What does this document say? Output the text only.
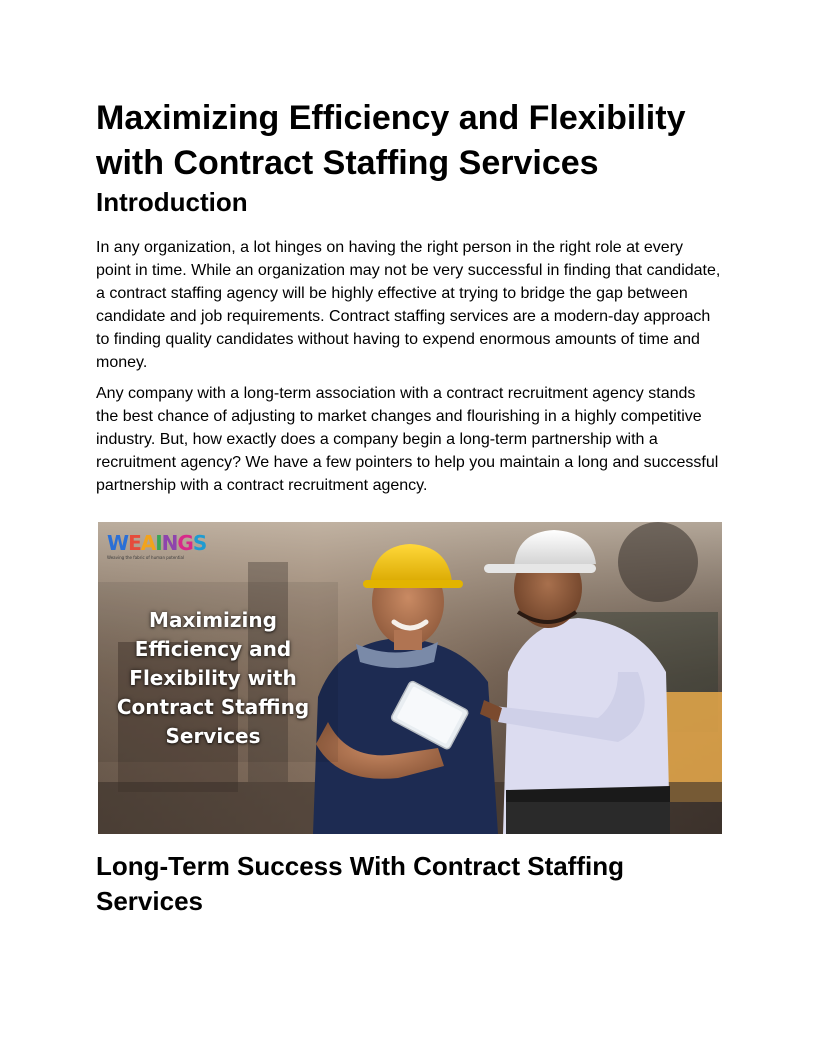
Maximizing Efficiency and Flexibility with Contract Staffing Services
Introduction

In any organization, a lot hinges on having the right person in the right role at every point in time. While an organization may not be very successful in finding that candidate, a contract staffing agency will be highly effective at trying to bridge the gap between candidate and job requirements. Contract staffing services are a modern-day approach to finding quality candidates without having to expend enormous amounts of time and money.

Any company with a long-term association with a contract recruitment agency stands the best chance of adjusting to market changes and flourishing in a highly competitive industry. But, how exactly does a company begin a long-term partnership with a recruitment agency? We have a few pointers to help you maintain a long and successful partnership with a contract recruitment agency.

WEAINGS
Weaving the fabric of human potential
Maximizing Efficiency and Flexibility with Contract Staffing Services
Long-Term Success With Contract Staffing Services
